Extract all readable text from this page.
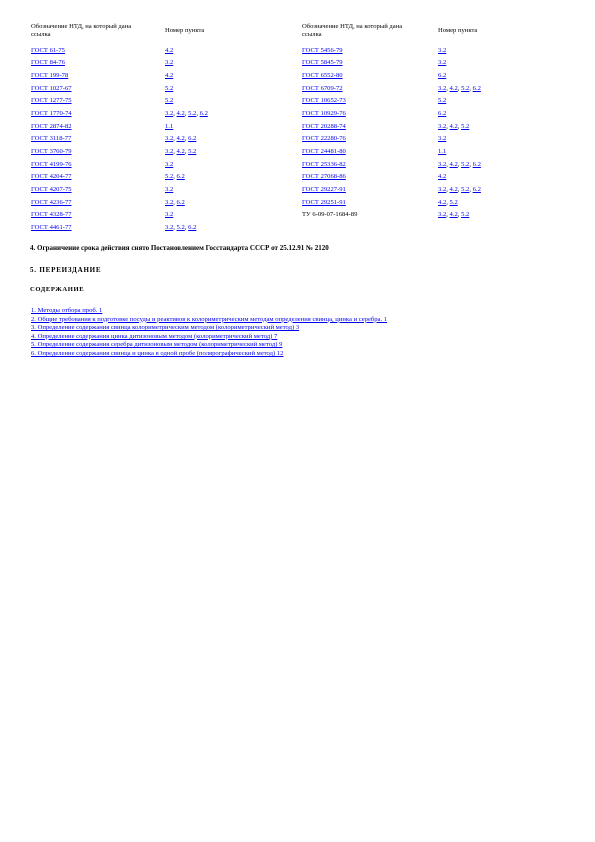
Обозначение НТД, на который дана ссылка	Номер пункта	Обозначение НТД, на который дана ссылка	Номер пункта

ГОСТ 61-75	4.2	ГОСТ 5456-79	3.2
ГОСТ 84-76	3.2	ГОСТ 5845-79	3.2
ГОСТ 199-78	4.2	ГОСТ 6552-80	6.2
ГОСТ 1027-67	5.2	ГОСТ 6709-72	3.2, 4.2, 5.2, 6.2
ГОСТ 1277-75	5.2	ГОСТ 10652-73	5.2
ГОСТ 1770-74	3.2, 4.2, 5.2, 6.2	ГОСТ 10929-76	6.2
ГОСТ 2874-82	1.1	ГОСТ 20288-74	3.2, 4.2, 5.2
ГОСТ 3118-77	3.2, 4.2, 6.2	ГОСТ 22280-76	3.2
ГОСТ 3760-79	3.2, 4.2, 5.2	ГОСТ 24481-80	1.1
ГОСТ 4199-76	3.2	ГОСТ 25336-82	3.2, 4.2, 5.2, 6.2
ГОСТ 4204-77	5.2, 6.2	ГОСТ 27068-86	4.2
ГОСТ 4207-75	3.2	ГОСТ 29227-91	3.2, 4.2, 5.2, 6.2
ГОСТ 4236-77	3.2, 6.2	ГОСТ 29251-91	4.2, 5.2
ГОСТ 4328-77	3.2	ТУ 6-09-07-1684-89	3.2, 4.2, 5.2
ГОСТ 4461-77	3.2, 5.2, 6.2		
4. Ограничение срока действия снято Постановлением Госстандарта СССР от 25.12.91 № 2120
5. ПЕРЕИЗДАНИЕ
СОДЕРЖАНИЕ
1. Методы отбора проб. 1
2. Общие требования к подготовке посуды и реактивов к колориметрическим методам определения свинца, цинка и серебра. 1
3. Определение содержания свинца колориметрическим методом (колориметрический метод) 3
4. Определение содержания цинка дитизоновым методом (колориметрический метод) 7
5. Определение содержания серебра дитизоновым методом (колориметрический метод) 9
6. Определение содержания свинца и цинка в одной пробе (полярографический метод) 12
